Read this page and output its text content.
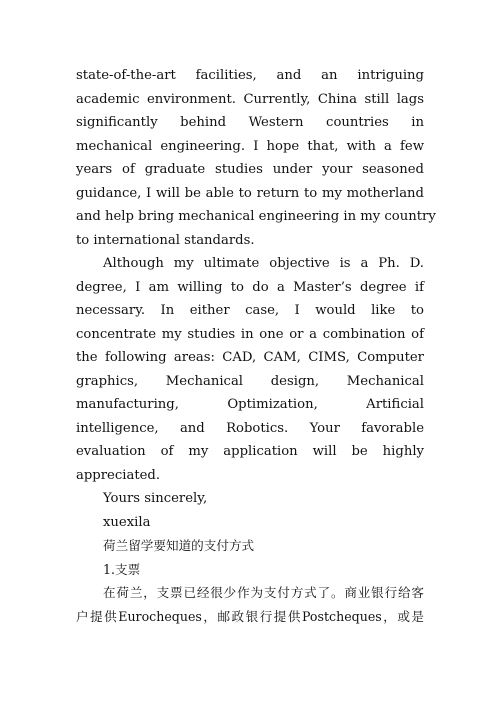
state-of-the-art facilities, and an intriguing

academic environment. Currently, China still lags

significantly behind Western countries in

mechanical engineering. I hope that, with a few

years of graduate studies under your seasoned

guidance, I will be able to return to my motherland

and help bring mechanical engineering in my country

to international standards.

Although my ultimate objective is a Ph. D.

degree, I am willing to do a Master’s degree if

necessary. In either case, I would like to

concentrate my studies in one or a combination of

the following areas: CAD, CAM, CIMS, Computer

graphics, Mechanical design, Mechanical

manufacturing, Optimization, Artificial

intelligence, and Robotics. Your favorable

evaluation of my application will be highly

appreciated.

Yours sincerely,

xuexila

荷兰留学要知道的支付方式

1.支票

在荷兰，支票已经很少作为支付方式了。商业银行给客

户提供Eurocheques，邮政银行提供Postcheques，或是
